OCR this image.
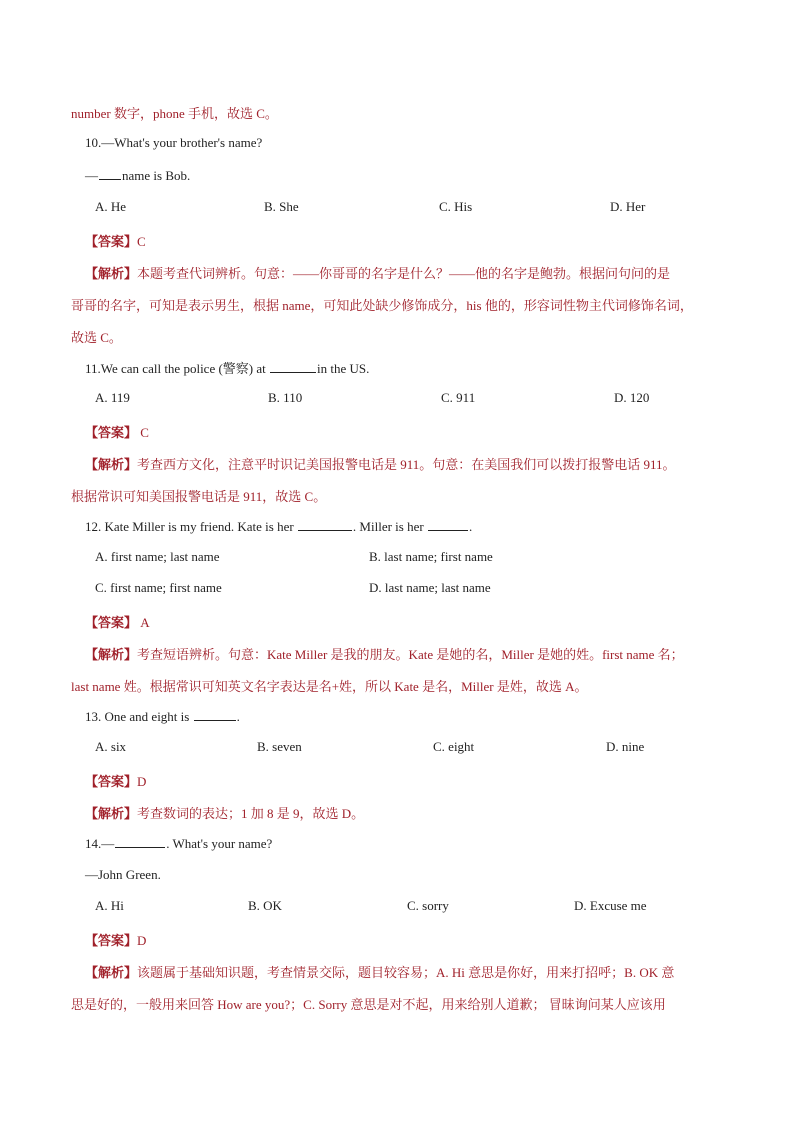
number 数字，phone 手机，故选 C。
10.—What's your brother's name?
— name is Bob.
A. He	B. She	C. His	D. Her
【答案】C
【解析】本题考查代词辨析。句意：——你哥哥的名字是什么？——他的名字是鲍勃。根据问句问的是
哥哥的名字，可知是表示男生，根据 name，可知此处缺少修饰成分，his 他的，形容词性物主代词修饰名词，
故选 C。
11.We can call the police (警察) at	in the US.
A. 119	B. 110	C. 911	D. 120
【答案】 C
【解析】考查西方文化，注意平时识记美国报警电话是 911。句意：在美国我们可以拨打报警电话 911。
根据常识可知美国报警电话是 911，故选 C。
12. Kate Miller is my friend. Kate is her	. Miller is her	.
A. first name; last name	B. last name; first name
C. first name; first name	D. last name; last name
【答案】 A
【解析】考查短语辨析。句意：Kate Miller 是我的朋友。Kate 是她的名，Miller 是她的姓。first name 名；
last name 姓。根据常识可知英文名字表达是名+姓，所以 Kate 是名，Miller 是姓，故选 A。
13. One and eight is	.
A. six	B. seven	C. eight	D. nine
【答案】D
【解析】考查数词的表达；1 加 8 是 9，故选 D。
14.—	. What's your name?
—John Green.
A. Hi	B. OK	C. sorry	D. Excuse me
【答案】D
【解析】该题属于基础知识题，考查情景交际，题目较容易；A. Hi 意思是你好，用来打招呼；B. OK 意
思是好的，一般用来回答 How are you?；C. Sorry 意思是对不起，用来给别人道歉； 冒昧询问某人应该用
